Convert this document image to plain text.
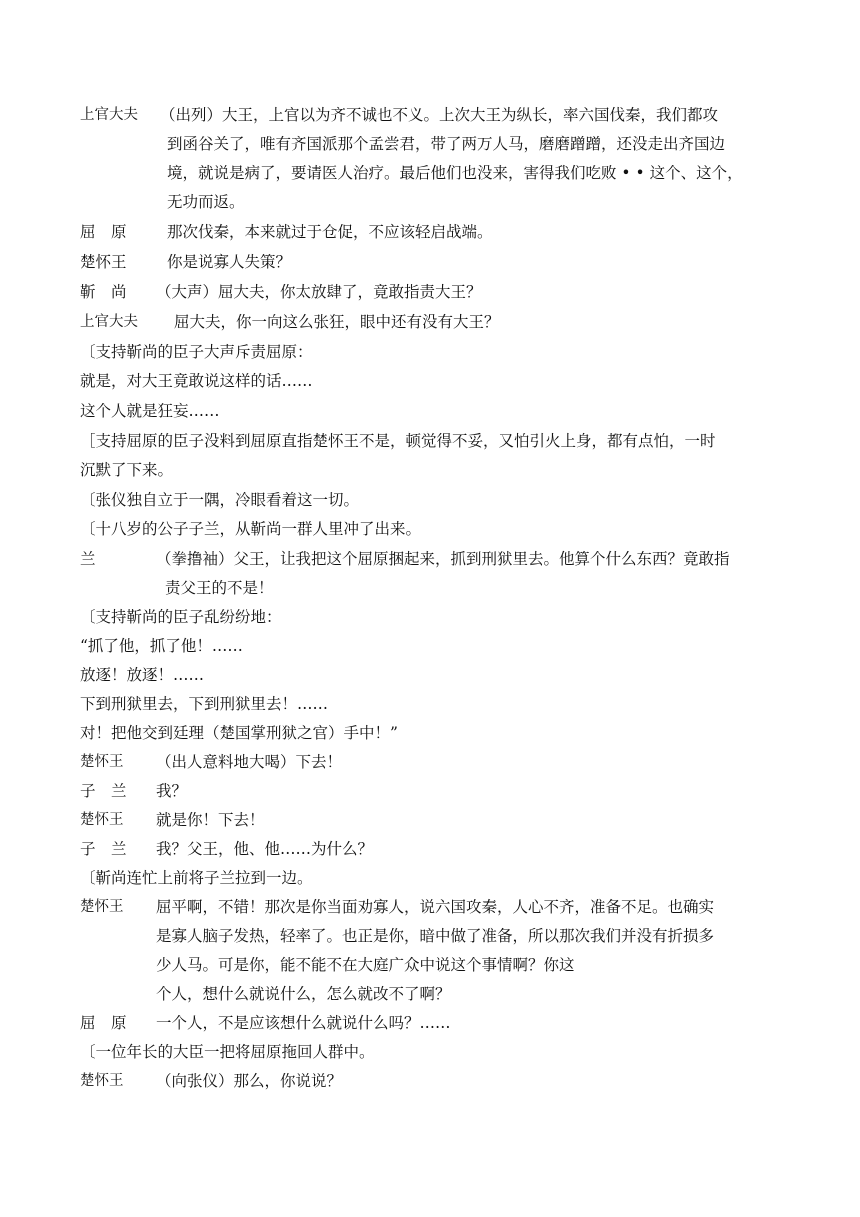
上官大夫 （出列）大王，上官以为齐不诚也不义。上次大王为纵长，率六国伐秦，我们都攻
到函谷关了，唯有齐国派那个孟尝君，带了两万人马，磨磨蹭蹭，还没走出齐国边
境，就说是病了，要请医人治疗。最后他们也没来，害得我们吃败 • • 这个、这个，
无功而返。
屈　原	那次伐秦，本来就过于仓促，不应该轻启战端。
楚怀王	你是说寡人失策？
靳　尚 （大声）屈大夫，你太放肆了，竟敢指责大王？
上官大夫 屈大夫，你一向这么张狂，眼中还有没有大王？
〔支持靳尚的臣子大声斥责屈原：
就是，对大王竟敢说这样的话……
这个人就是狂妄……
［支持屈原的臣子没料到屈原直指楚怀王不是，顿觉得不妥，又怕引火上身，都有点怕，一时
沉默了下来。
〔张仪独自立于一隅，冷眼看着这一切。
〔十八岁的公子子兰，从靳尚一群人里冲了出来。
兰	（拳撸袖）父王，让我把这个屈原捆起来，抓到刑狱里去。他算个什么东西？竟敢指
责父王的不是！
〔支持靳尚的臣子乱纷纷地：
“抓了他，抓了他！……
放逐！放逐！……
下到刑狱里去，下到刑狱里去！……
对！把他交到廷理（楚国掌刑狱之官）手中！”
楚怀王 （出人意料地大喝）下去！
子　兰 我？
楚怀王 就是你！下去！
子　兰 我？父王，他、他……为什么？
〔靳尚连忙上前将子兰拉到一边。
楚怀王 屈平啊，不错！那次是你当面劝寡人，说六国攻秦，人心不齐，准备不足。也确实
是寡人脑子发热，轻率了。也正是你，暗中做了准备，所以那次我们并没有折损多
少人马。可是你，能不能不在大庭广众中说这个事情啊？你这
个人，想什么就说什么，怎么就改不了啊？
屈　原 一个人，不是应该想什么就说什么吗？……
〔一位年长的大臣一把将屈原拖回人群中。
楚怀王 （向张仪）那么，你说说？
